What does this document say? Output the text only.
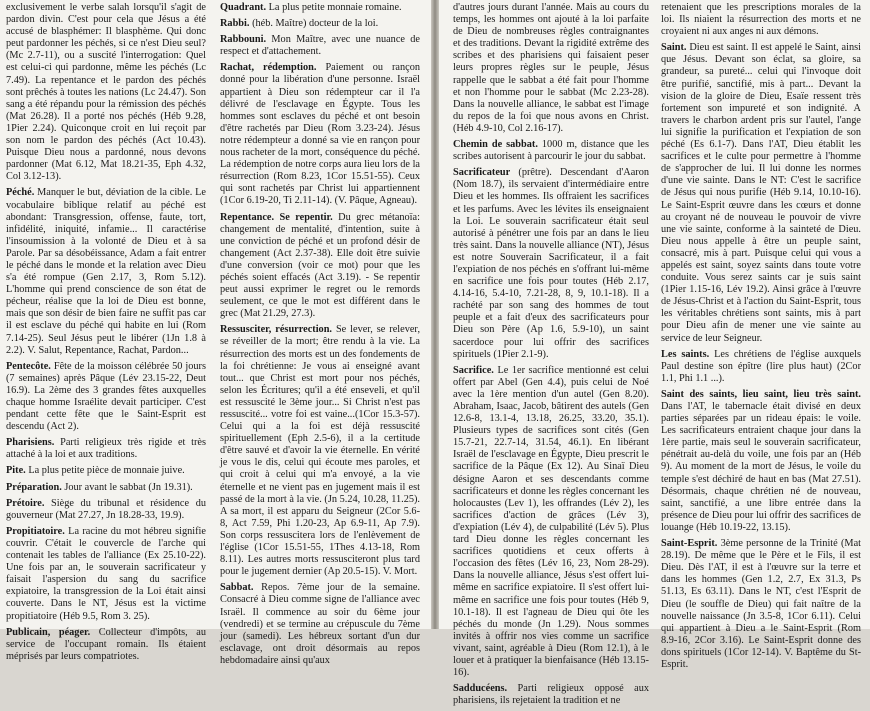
exclusivement le verbe salah lorsqu'il s'agit de pardon divin. C'est pour cela que Jésus a été accusé de blasphémer: Il blasphème. Qui donc peut pardonner les péchés, si ce n'est Dieu seul? (Mc 2.7-11), ou a suscité l'interrogation: Quel est celui-ci qui pardonne, même les péchés (Lc 7.49). La repentance et le pardon des péchés sont prêchés à toutes les nations (Lc 24.47). Son sang a été répandu pour la rémission des péchés (Mat 26.28). Il a porté nos péchés (Héb 9.28, 1Pier 2.24). Quiconque croit en lui reçoit par son nom le pardon des péchés (Act 10.43). Puisque Dieu nous a pardonné, nous devons pardonner (Mat 6.12, Mat 18.21-35, Eph 4.32, Col 3.12-13).

Péché. Manquer le but, déviation de la cible. Le vocabulaire biblique relatif au péché est abondant: Transgression, offense, faute, tort, infidélité, iniquité, infamie... Il caractérise l'insoumission à la volonté de Dieu et à sa Parole. Par sa désobéissance, Adam a fait entrer le péché dans le monde et la relation avec Dieu s'a été rompue (Gen 2.17, 3, Rom 5.12). L'homme qui prend conscience de son état de pécheur, réalise que la loi de Dieu est bonne, mais que son désir de bien faire ne suffit pas car il est esclave du péché qui habite en lui (Rom 7.14-25). Seul Jésus peut le libérer (1Jn 1.8 à 2.2). V. Salut, Repentance, Rachat, Pardon...

Pentecôte. Fête de la moisson célébrée 50 jours (7 semaines) après Pâque (Lév 23.15-22, Deut 16.9). La 2ème des 3 grandes fêtes auxquelles chaque homme Israélite devait participer. C'est pendant cette fête que le Saint-Esprit est descendu (Act 2).

Pharisiens. Parti religieux très rigide et très attaché à la loi et aux traditions.

Pite. La plus petite pièce de monnaie juive.

Préparation. Jour avant le sabbat (Jn 19.31).

Prétoire. Siège du tribunal et résidence du gouverneur (Mat 27.27, Jn 18.28-33, 19.9).

Propitiatoire. La racine du mot hébreu signifie couvrir. C'était le couvercle de l'arche qui contenait les tables de l'alliance (Ex 25.10-22). Une fois par an, le souverain sacrificateur y faisait l'aspersion du sang du sacrifice expiatoire, la transgression de la Loi était ainsi couverte. Dans le NT, Jésus est la victime propitiatoire (Héb 9.5, Rom 3. 25).

Publicain, péager. Collecteur d'impôts, au service de l'occupant romain. Ils étaient méprisés par leurs compatriotes.

Quadrant. La plus petite monnaie romaine.

Rabbi. (héb. Maître) docteur de la loi.

Rabbouni. Mon Maître, avec une nuance de respect et d'attachement.

Rachat, rédemption. Paiement ou rançon donné pour la libération d'une personne. Israël appartient à Dieu son rédempteur car il l'a délivré de l'esclavage en Égypte. Tous les hommes sont esclaves du péché et ont besoin d'être rachetés par Dieu (Rom 3.23-24). Jésus notre rédempteur a donné sa vie en rançon pour nous racheter de la mort, conséquence du péché. La rédemption de notre corps aura lieu lors de la résurrection (Rom 8.23, 1Cor 15.51-55). Ceux qui sont rachetés par Christ lui appartiennent (1Cor 6.19-20, Ti 2.11-14). (V. Pâque, Agneau).

Repentance. Se repentir. Du grec métanoïa: changement de mentalité, d'intention, suite à une conviction de péché et un profond désir de changement (Act 2.37-38). Elle doit être suivie d'une conversion (voir ce mot) pour que les péchés soient effacés (Act 3.19). - Se repentir peut aussi exprimer le regret ou le remords seulement, ce que le mot est différent dans le grec (Mat 21.29, 27.3).

Ressusciter, résurrection. Se lever, se relever, se réveiller de la mort; être rendu à la vie. La résurrection des morts est un des fondements de la foi chrétienne: Je vous ai enseigné avant tout... que Christ est mort pour nos péchés, selon les Écritures; qu'il a été enseveli, et qu'il est ressuscité le 3ème jour... Si Christ n'est pas ressuscité... votre foi est vaine...(1Cor 15.3-57). Celui qui a la foi est déjà ressuscité spirituellement (Eph 2.5-6), il a la certitude d'être sauvé et d'avoir la vie éternelle. En vérité je vous le dis, celui qui écoute mes paroles, et qui croit à celui qui m'a envoyé, a la vie éternelle et ne vient pas en jugement mais il est passé de la mort à la vie. (Jn 5.24, 10.28, 11.25). A sa mort, il est apparu du Seigneur (2Cor 5.6-8, Act 7.59, Phi 1.20-23, Ap 6.9-11, Ap 7.9). Son corps ressuscitera lors de l'enlèvement de l'église (1Cor 15.51-55, 1Thes 4.13-18, Rom 8.11). Les autres morts ressusciteront plus tard pour le jugement dernier (Ap 20.5-15). V. Mort.

Sabbat. Repos. 7ème jour de la semaine. Consacré à Dieu comme signe de l'alliance avec Israël. Il commence au soir du 6ème jour (vendredi) et se termine au crépuscule du 7ème jour (samedi). Les hébreux sortant d'un dur esclavage, ont droit désormais au repos hebdomadaire ainsi qu'aux

d'autres jours durant l'année. Mais au cours du temps, les hommes ont ajouté à la loi parfaite de Dieu de nombreuses règles contraignantes et des traditions. Devant la rigidité extrême des scribes et des pharisiens qui faisaient peser leurs propres règles sur le peuple, Jésus rappelle que le sabbat a été fait pour l'homme et non l'homme pour le sabbat (Mc 2.23-28). Dans la nouvelle alliance, le sabbat est l'image du repos de la foi que nous avons en Christ. (Héb 4.9-10, Col 2.16-17).

Chemin de sabbat. 1000 m, distance que les scribes autorisent à parcourir le jour du sabbat.

Sacrificateur (prêtre). Descendant d'Aaron (Nom 18.7), ils servaient d'intermédiaire entre Dieu et les hommes. Ils offraient les sacrifices et les parfums. Avec les lévites ils enseignaient la Loi. Le souverain sacrificateur était seul autorisé à pénétrer une fois par an dans le lieu très saint. Dans la nouvelle alliance (NT), Jésus est notre Souverain Sacrificateur, il a fait l'expiation de nos péchés en s'offrant lui-même en sacrifice une fois pour toutes (Héb 2.17, 4.14-16, 5.4-10, 7.21-28, 8, 9, 10.1-18). Il a rachété par son sang des hommes de tout peuple et a fait d'eux des sacrificateurs pour Dieu son Père (Ap 1.6, 5.9-10), un saint sacerdoce pour lui offrir des sacrifices spirituels (1Pier 2.1-9).

Sacrifice. Le 1er sacrifice mentionné est celui offert par Abel (Gen 4.4), puis celui de Noé avec la 1ère mention d'un autel (Gen 8.20). Abraham, Isaac, Jacob, bâtirent des autels (Gen 12.6-8, 13.1-4, 13.18, 26.25, 33.20, 35.1). Plusieurs types de sacrifices sont cités (Gen 15.7-21, 22.7-14, 31.54, 46.1). En libérant Israël de l'esclavage en Égypte, Dieu prescrit le sacrifice de la Pâque (Ex 12). Au Sinaï Dieu désigne Aaron et ses descendants comme sacrificateurs et donne les règles concernant les holocaustes (Lev 1), les offrandes (Lév 2), les sacrifices d'action de grâces (Lév 3), d'expiation (Lév 4), de culpabilité (Lév 5). Plus tard Dieu donne les règles concernant les sacrifices quotidiens et ceux offerts à l'occasion des fêtes (Lév 16, 23, Nom 28-29). Dans la nouvelle alliance, Jésus s'est offert lui-même en sacrifice expiatoire. Il s'est offert lui-même en sacrifice une fois pour toutes (Héb 9, 10.1-18). Il est l'agneau de Dieu qui ôte les péchés du monde (Jn 1.29). Nous sommes invités à offrir nos vies comme un sacrifice vivant, saint, agréable à Dieu (Rom 12.1), à le louer et à pratiquer la bienfaisance (Héb 13.15-16).

Sadducéens. Parti religieux opposé aux pharisiens, ils rejetaient la tradition et ne

retenaient que les prescriptions morales de la loi. Ils niaient la résurrection des morts et ne croyaient ni aux anges ni aux démons.

Saint. Dieu est saint. Il est appelé le Saint, ainsi que Jésus. Devant son éclat, sa gloire, sa grandeur, sa pureté... celui qui l'invoque doit être purifié, sanctifié, mis à part... Devant la vision de la gloire de Dieu, Esaïe ressent très fortement son impureté et son indignité. A travers le charbon ardent pris sur l'autel, l'ange lui signifie la purification et l'expiation de son péché (Es 6.1-7). Dans l'AT, Dieu établit les sacrifices et le culte pour permettre à l'homme de s'approcher de lui. Il lui donne les normes d'une vie sainte. Dans le NT: C'est le sacrifice de Jésus qui nous purifie (Héb 9.14, 10.10-16). Le Saint-Esprit œuvre dans les cœurs et donne au croyant né de nouveau le pouvoir de vivre une vie sainte, conforme à la sainteté de Dieu. Dieu nous appelle à être un peuple saint, consacré, mis à part. Puisque celui qui vous a appelés est saint, soyez saints dans toute votre conduite. Vous serez saints car je suis saint (1Pier 1.15-16, Lév 19.2). Ainsi grâce à l'œuvre de Jésus-Christ et à l'action du Saint-Esprit, tous les véritables chrétiens sont saints, mis à part pour Dieu afin de mener une vie sainte au service de leur Seigneur.

Les saints. Les chrétiens de l'église auxquels Paul destine son épître (lire plus haut) (2Cor 1.1, Phi 1.1 ...).

Saint des saints, lieu saint, lieu très saint. Dans l'AT, le tabernacle était divisé en deux parties séparées par un rideau épais: le voile. Les sacrificateurs entraient chaque jour dans la 1ère partie, mais seul le souverain sacrificateur, pénétrait au-delà du voile, une fois par an (Héb 9). Au moment de la mort de Jésus, le voile du temple s'est déchiré de haut en bas (Mat 27.51). Désormais, chaque chrétien né de nouveau, saint, sanctifié, a une libre entrée dans la présence de Dieu pour lui offrir des sacrifices de louange (Héb 10.19-22, 13.15).

Saint-Esprit. 3ème personne de la Trinité (Mat 28.19). De même que le Père et le Fils, il est Dieu. Dès l'AT, il est à l'œuvre sur la terre et dans les hommes (Gen 1.2, 2.7, Ex 31.3, Ps 51.13, Es 63.11). Dans le NT, c'est l'Esprit de Dieu (le souffle de Dieu) qui fait naître de la nouvelle naissance (Jn 3.5-8, 1Cor 6.11). Celui qui appartient à Dieu a le Saint-Esprit (Rom 8.9-16, 2Cor 3.16). Le Saint-Esprit donne des dons spirituels (1Cor 12-14). V. Baptême du St-Esprit.
